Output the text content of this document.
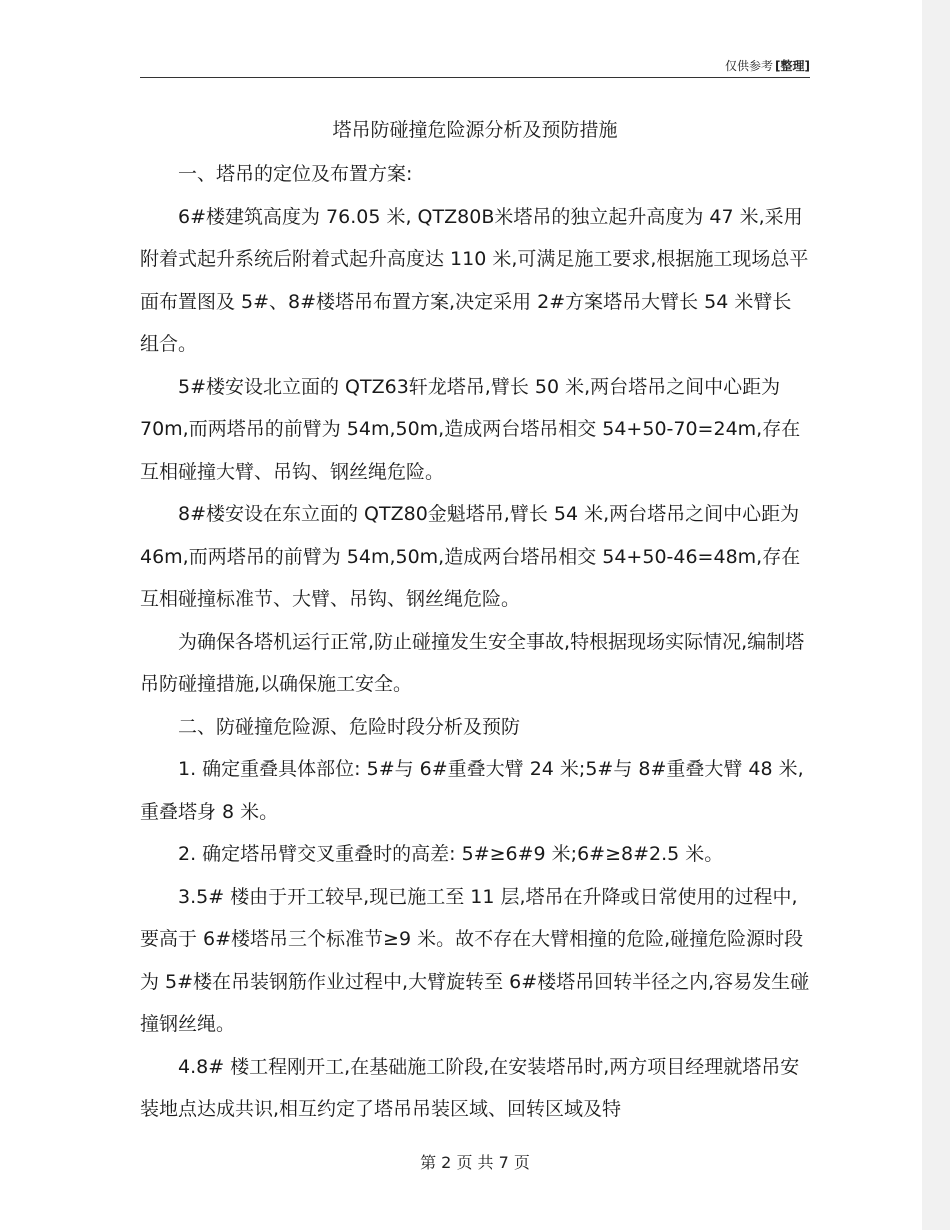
仅供参考 [整理]
塔吊防碰撞危险源分析及预防措施

一、塔吊的定位及布置方案:

6#楼建筑高度为 76.05 米, QTZ80B米塔吊的独立起升高度为 47 米,采用附着式起升系统后附着式起升高度达 110 米,可满足施工要求,根据施工现场总平面布置图及 5#、8#楼塔吊布置方案,决定采用 2#方案塔吊大臂长 54 米臂长组合。

5#楼安设北立面的 QTZ63轩龙塔吊,臂长 50 米,两台塔吊之间中心距为 70m,而两塔吊的前臂为 54m,50m,造成两台塔吊相交 54+50-70=24m,存在互相碰撞大臂、吊钩、钢丝绳危险。

8#楼安设在东立面的 QTZ80金魁塔吊,臂长 54 米,两台塔吊之间中心距为 46m,而两塔吊的前臂为 54m,50m,造成两台塔吊相交 54+50-46=48m,存在互相碰撞标准节、大臂、吊钩、钢丝绳危险。

为确保各塔机运行正常,防止碰撞发生安全事故,特根据现场实际情况,编制塔吊防碰撞措施,以确保施工安全。

二、防碰撞危险源、危险时段分析及预防

1. 确定重叠具体部位: 5#与 6#重叠大臂 24 米;5#与 8#重叠大臂 48 米,重叠塔身 8 米。

2. 确定塔吊臂交叉重叠时的高差: 5#≥6#9 米;6#≥8#2.5 米。

3.5# 楼由于开工较早,现已施工至 11 层,塔吊在升降或日常使用的过程中,要高于 6#楼塔吊三个标准节≥9 米。故不存在大臂相撞的危险,碰撞危险源时段为 5#楼在吊装钢筋作业过程中,大臂旋转至 6#楼塔吊回转半径之内,容易发生碰撞钢丝绳。

4.8# 楼工程刚开工,在基础施工阶段,在安装塔吊时,两方项目经理就塔吊安装地点达成共识,相互约定了塔吊吊装区域、回转区域及特

第 2 页 共 7 页
